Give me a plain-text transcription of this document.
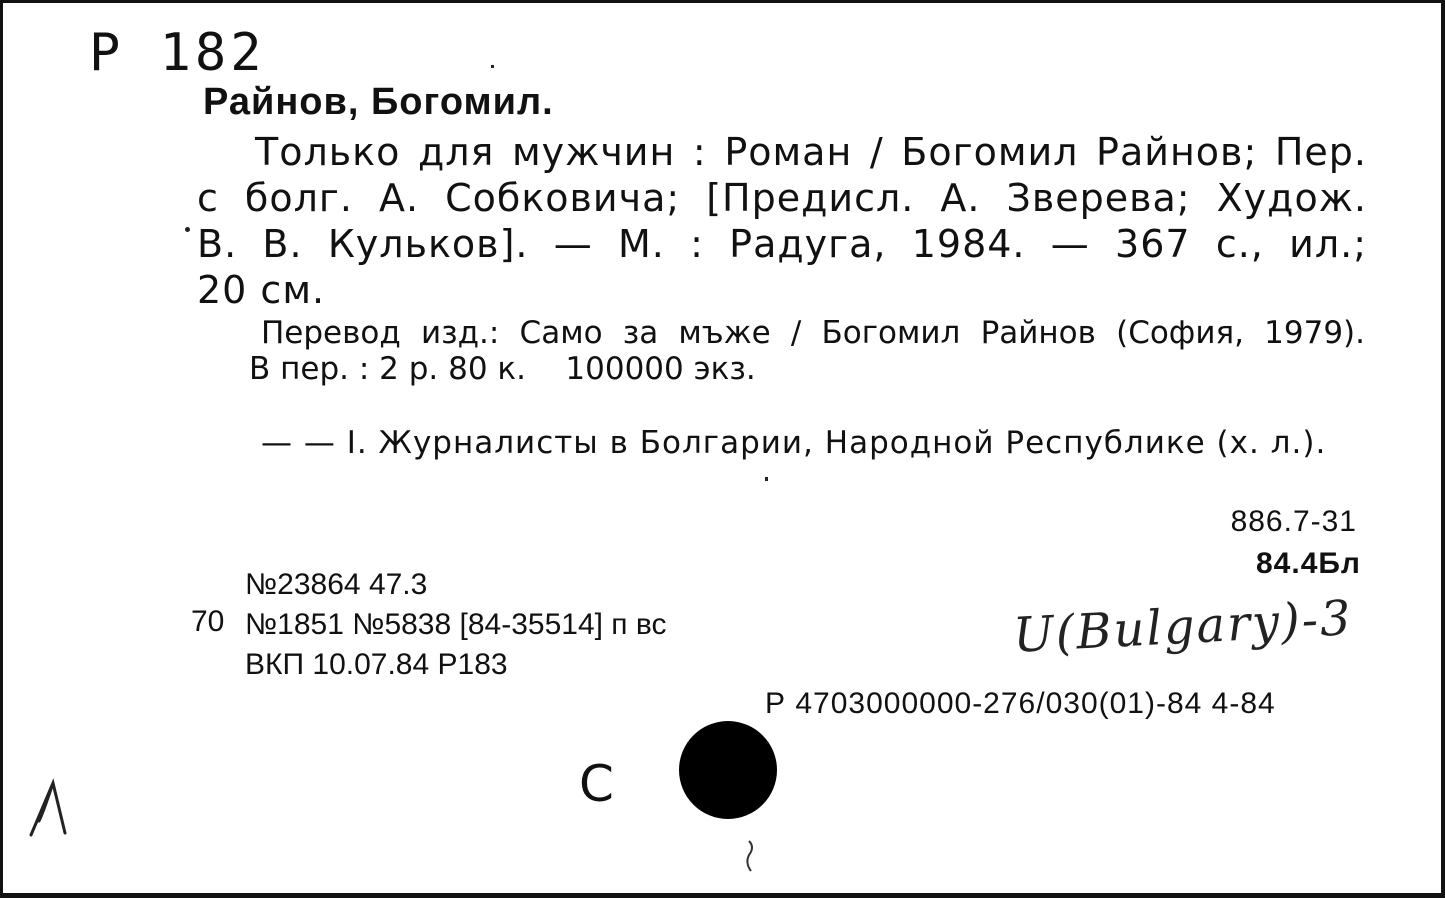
Р 182
Райнов, Богомил.
Только для мужчин : Роман / Богомил Райнов; Пер.
с болг. А. Собковича; [Предисл. А. Зверева; Худож.
В. В. Кульков]. — М. : Радуга, 1984. — 367 с., ил.;
20 см.
Перевод изд.: Само за мъже / Богомил Райнов (София, 1979).
В пер. : 2 р. 80 к.    100000 экз.
— — I. Журналисты в Болгарии, Народной Республике (х. л.).
886.7-31
84.4Бл
№23864 47.3
№1851 №5838 [84-35514] п вс
ВКП 10.07.84 Р183
70	U(Bulgary)-3
Р 4703000000-276/030(01)-84 4-84
С
